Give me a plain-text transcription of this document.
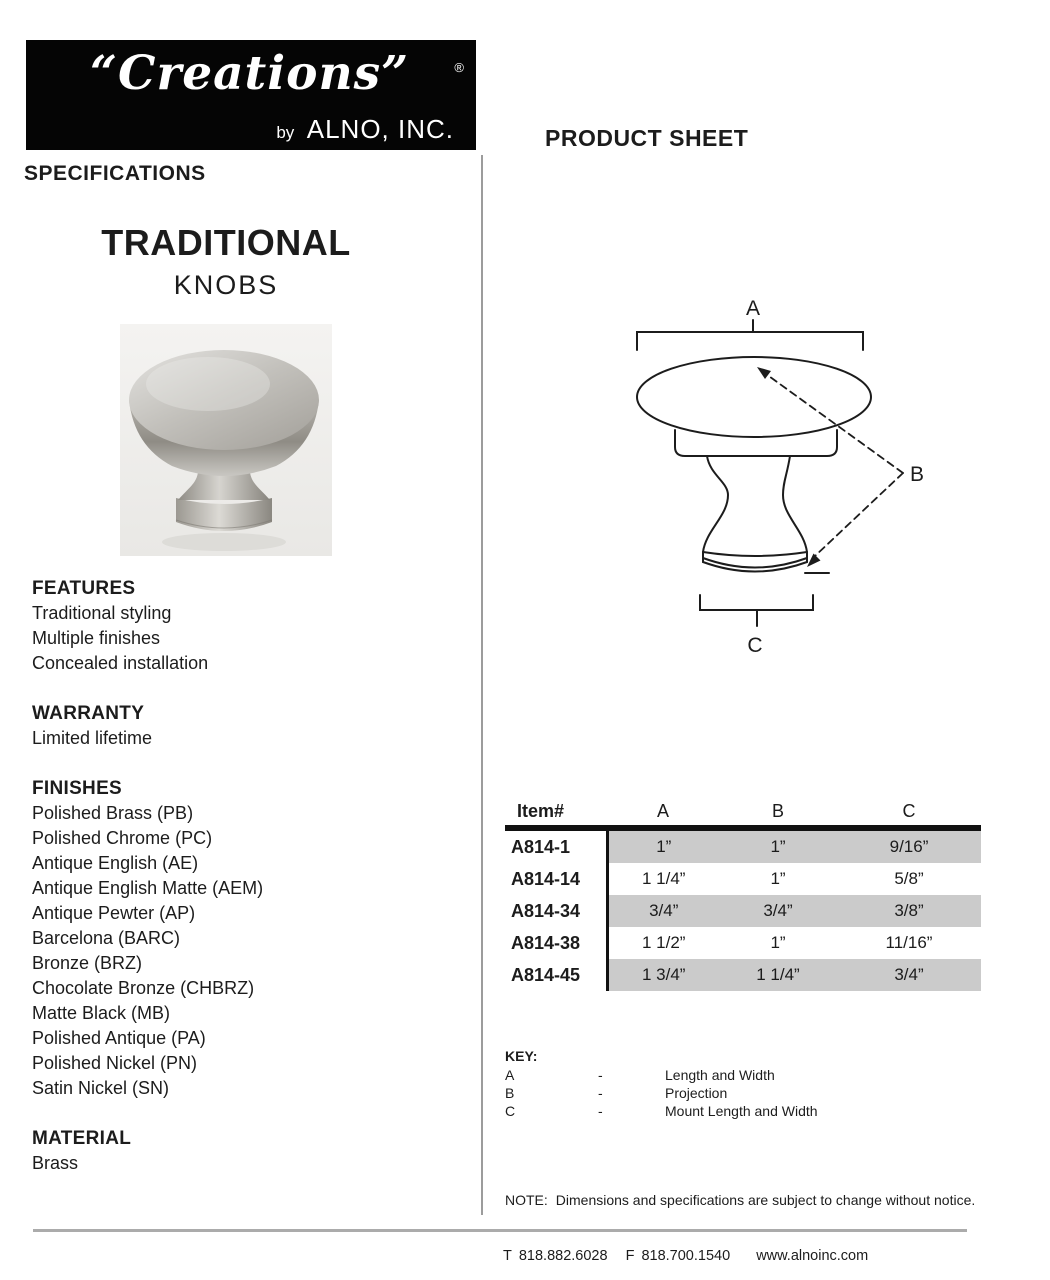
“Creations”	®
by ALNO, INC.
SPECIFICATIONS
PRODUCT SHEET
TRADITIONAL
KNOBS
FEATURES
Traditional styling
Multiple finishes
Concealed installation
WARRANTY
Limited lifetime
FINISHES
Polished Brass (PB)
Polished Chrome (PC)
Antique English (AE)
Antique English Matte (AEM)
Antique Pewter (AP)
Barcelona (BARC)
Bronze (BRZ)
Chocolate Bronze (CHBRZ)
Matte Black (MB)
Polished Antique (PA)
Polished Nickel (PN)
Satin Nickel (SN)
MATERIAL
Brass
A
B
C
Item#	A	B	C
A814-1	1”	1”	9/16”
A814-14	1 1/4”	1”	5/8”
A814-34	3/4”	3/4”	3/8”
A814-38	1 1/2”	1”	11/16”
A814-45	1 3/4”	1 1/4”	3/4”
KEY:
A	-	Length and Width
B	-	Projection
C	-	Mount Length and Width
NOTE: Dimensions and specifications are subject to change without notice.
T 818.882.6028 F 818.700.1540 www.alnoinc.com
